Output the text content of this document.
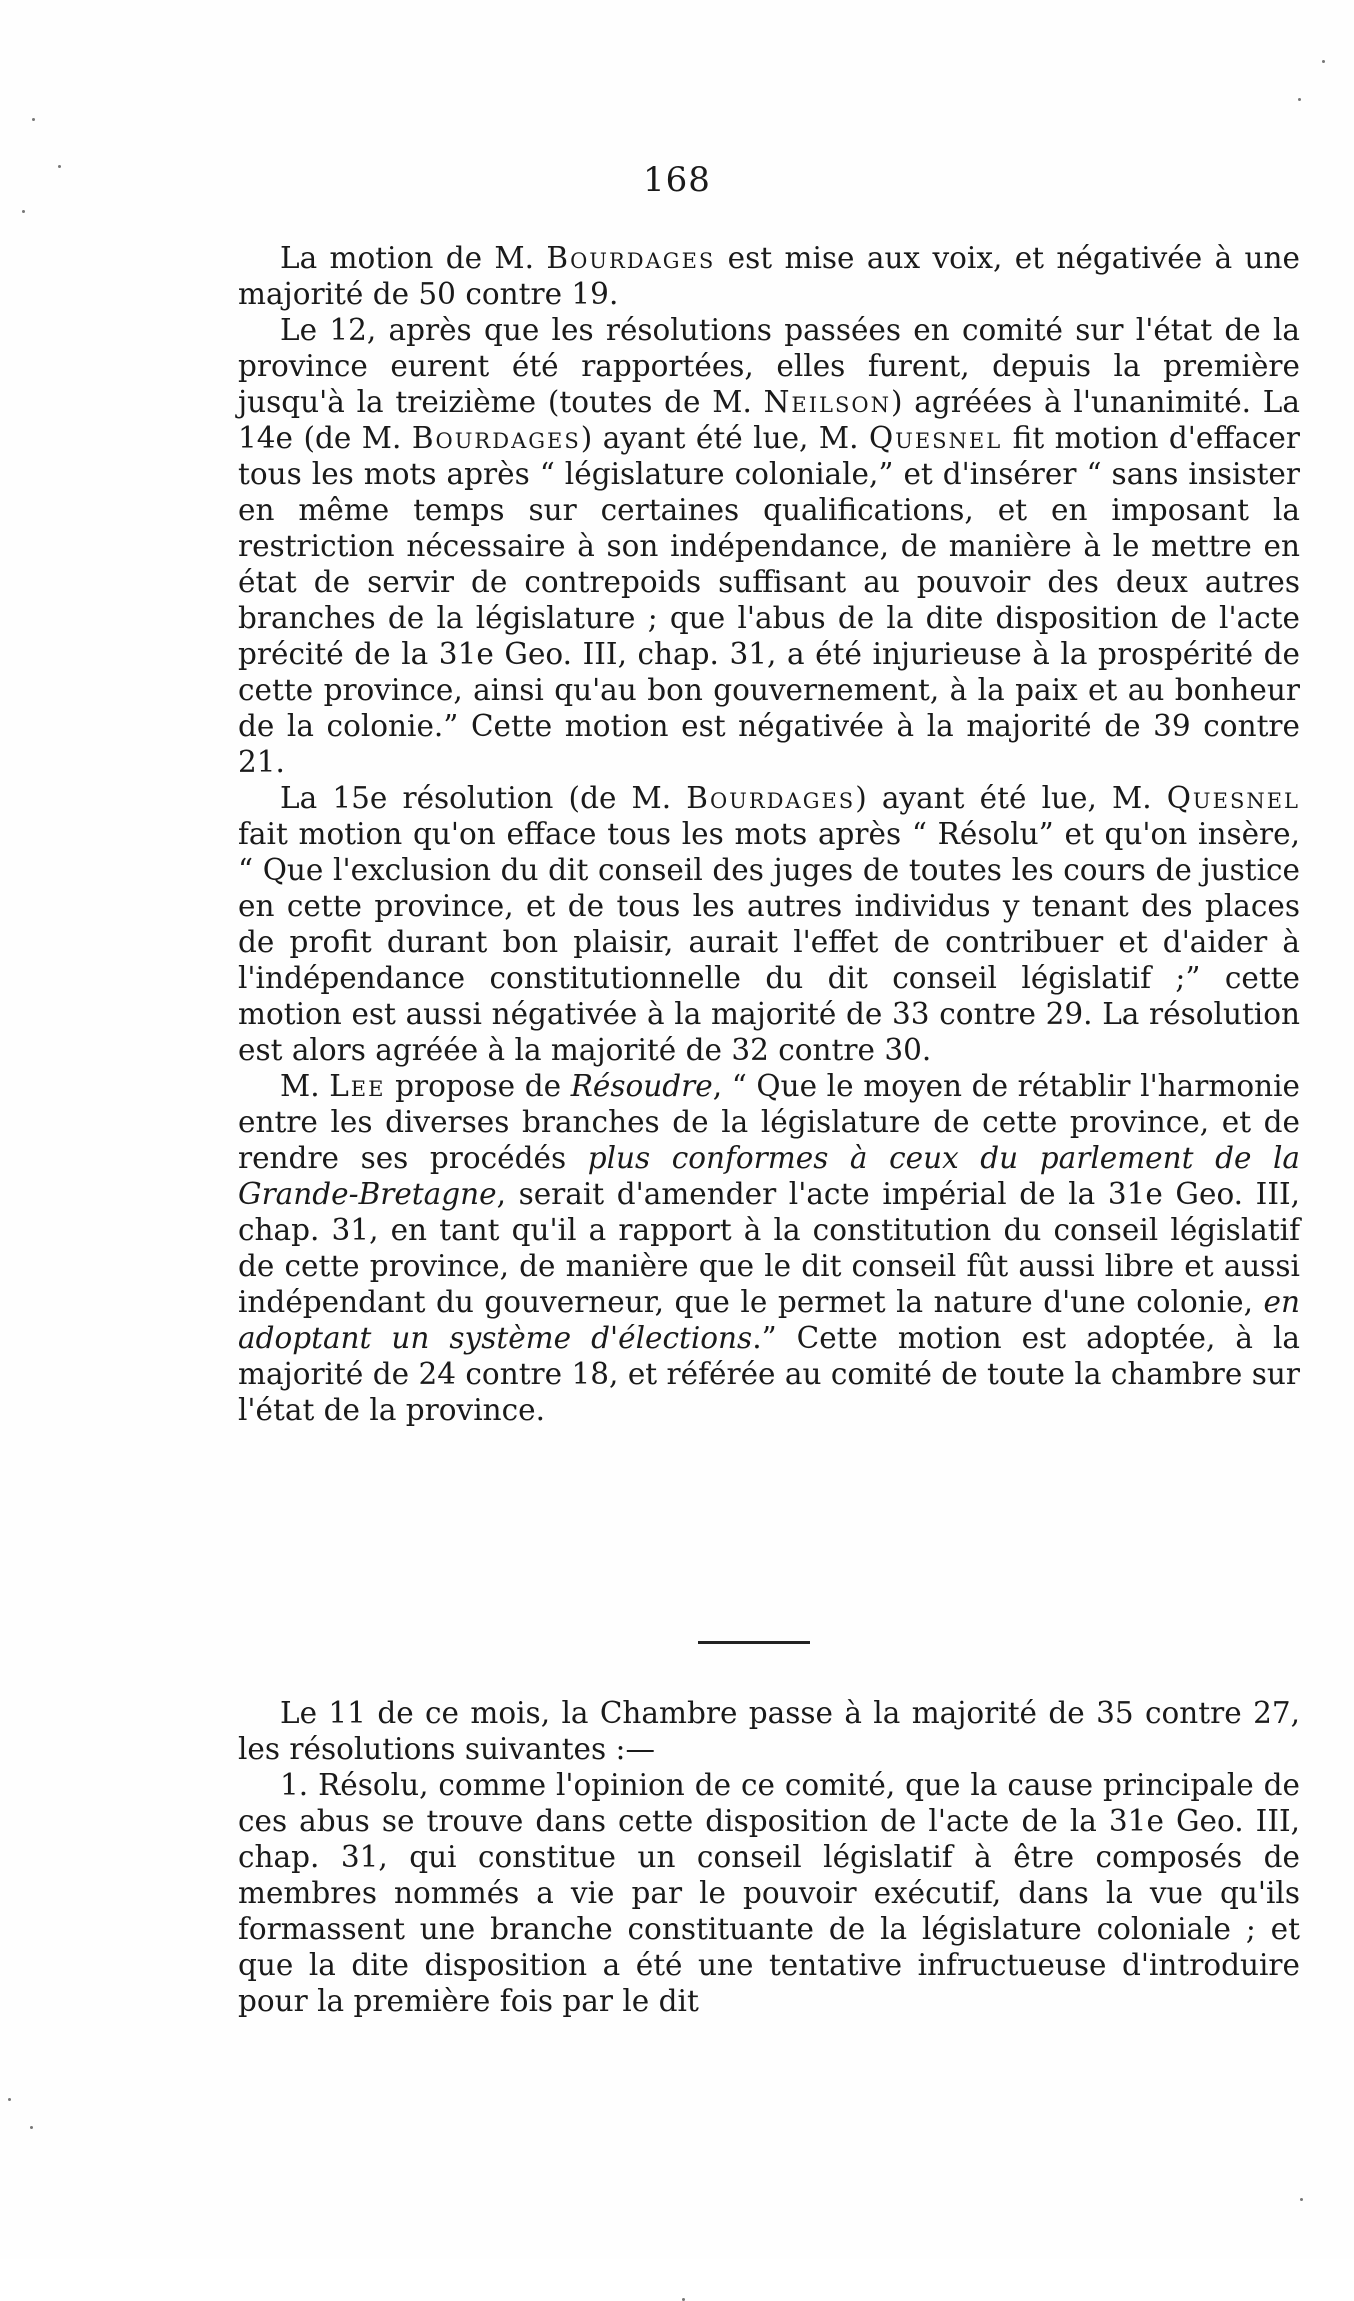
168

La motion de M. Bourdages est mise aux voix, et négativée à une majorité de 50 contre 19.

Le 12, après que les résolutions passées en comité sur l'état de la province eurent été rapportées, elles furent, depuis la première jusqu'à la treizième (toutes de M. Neilson) agréées à l'unanimité. La 14e (de M. Bourdages) ayant été lue, M. Quesnel fit motion d'effacer tous les mots après “ législature coloniale,” et d'insérer “ sans insister en même temps sur certaines qualifications, et en imposant la restriction nécessaire à son indépendance, de manière à le mettre en état de servir de contrepoids suffisant au pouvoir des deux autres branches de la législature ; que l'abus de la dite disposition de l'acte précité de la 31e Geo. III, chap. 31, a été injurieuse à la prospérité de cette province, ainsi qu'au bon gouvernement, à la paix et au bonheur de la colonie.” Cette motion est négativée à la majorité de 39 contre 21.

La 15e résolution (de M. Bourdages) ayant été lue, M. Quesnel fait motion qu'on efface tous les mots après “ Résolu” et qu'on insère, “ Que l'exclusion du dit conseil des juges de toutes les cours de justice en cette province, et de tous les autres individus y tenant des places de profit durant bon plaisir, aurait l'effet de contribuer et d'aider à l'indépendance constitutionnelle du dit conseil législatif ;” cette motion est aussi négativée à la majorité de 33 contre 29. La résolution est alors agréée à la majorité de 32 contre 30.

M. Lee propose de Résoudre, “ Que le moyen de rétablir l'harmonie entre les diverses branches de la législature de cette province, et de rendre ses procédés plus conformes à ceux du parlement de la Grande-Bretagne, serait d'amender l'acte impérial de la 31e Geo. III, chap. 31, en tant qu'il a rapport à la constitution du conseil législatif de cette province, de manière que le dit conseil fût aussi libre et aussi indépendant du gouverneur, que le permet la nature d'une colonie, en adoptant un système d'élections.” Cette motion est adoptée, à la majorité de 24 contre 18, et référée au comité de toute la chambre sur l'état de la province.

Le 11 de ce mois, la Chambre passe à la majorité de 35 contre 27, les résolutions suivantes :—

1. Résolu, comme l'opinion de ce comité, que la cause principale de ces abus se trouve dans cette disposition de l'acte de la 31e Geo. III, chap. 31, qui constitue un conseil législatif à être composés de membres nommés a vie par le pouvoir exécutif, dans la vue qu'ils formassent une branche constituante de la législature coloniale ; et que la dite disposition a été une tentative infructueuse d'introduire pour la première fois par le dit
